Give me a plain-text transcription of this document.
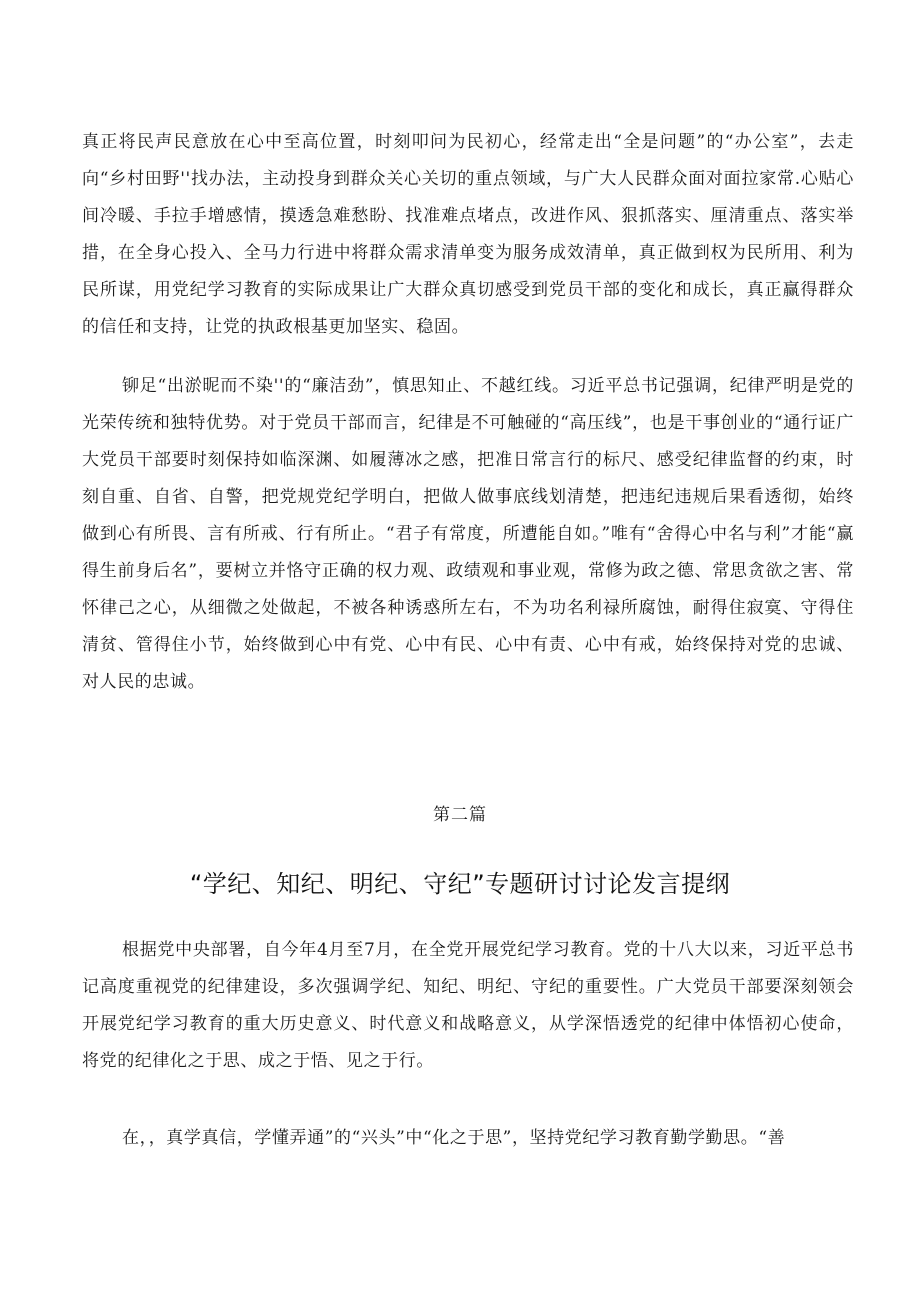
真正将民声民意放在心中至高位置，时刻叩问为民初心，经常走出“全是问题”的“办公室”，去走向“乡村田野''找办法，主动投身到群众关心关切的重点领域，与广大人民群众面对面拉家常.心贴心间冷暖、手拉手增感情，摸透急难愁盼、找准难点堵点，改进作风、狠抓落实、厘清重点、落实举措，在全身心投入、全马力行进中将群众需求清单变为服务成效清单，真正做到权为民所用、利为民所谋，用党纪学习教育的实际成果让广大群众真切感受到党员干部的变化和成长，真正赢得群众的信任和支持，让党的执政根基更加坚实、稳固。

铆足“出淤昵而不染''的“廉洁劲”，慎思知止、不越红线。习近平总书记强调，纪律严明是党的光荣传统和独特优势。对于党员干部而言，纪律是不可触碰的“高压线”，也是干事创业的“通行证广大党员干部要时刻保持如临深渊、如履薄冰之感，把准日常言行的标尺、感受纪律监督的约束，时刻自重、自省、自警，把党规党纪学明白，把做人做事底线划清楚，把违纪违规后果看透彻，始终做到心有所畏、言有所戒、行有所止。“君子有常度，所遭能自如。”唯有“舍得心中名与利”才能“赢得生前身后名”，要树立并恪守正确的权力观、政绩观和事业观，常修为政之德、常思贪欲之害、常怀律己之心，从细微之处做起，不被各种诱惑所左右，不为功名利禄所腐蚀，耐得住寂寞、守得住清贫、管得住小节，始终做到心中有党、心中有民、心中有责、心中有戒，始终保持对党的忠诚、对人民的忠诚。

第二篇

“学纪、知纪、明纪、守纪”专题研讨讨论发言提纲

根据党中央部署，自今年4月至7月，在全党开展党纪学习教育。党的十八大以来，习近平总书记高度重视党的纪律建设，多次强调学纪、知纪、明纪、守纪的重要性。广大党员干部要深刻领会开展党纪学习教育的重大历史意义、时代意义和战略意义，从学深悟透党的纪律中体悟初心使命，将党的纪律化之于思、成之于悟、见之于行。

在，，真学真信，学懂弄通”的“兴头”中“化之于思”，坚持党纪学习教育勤学勤思。“善
